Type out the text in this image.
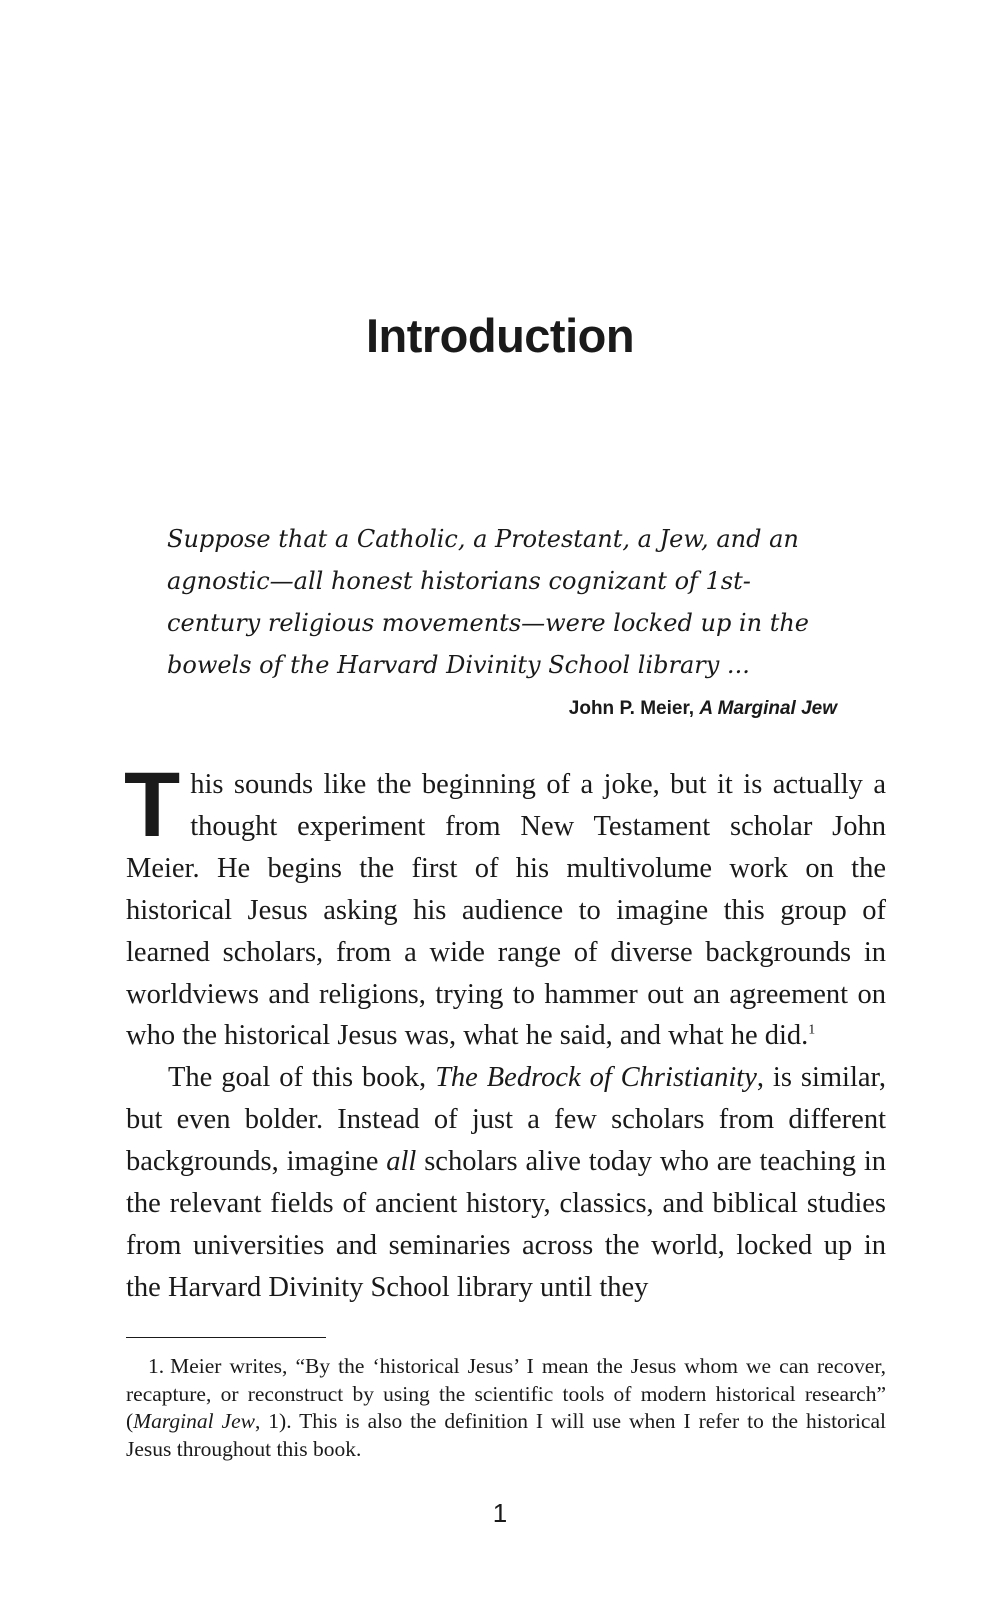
Introduction

Suppose that a Catholic, a Protestant, a Jew, and an agnostic—all honest historians cognizant of 1st-century religious movements—were locked up in the bowels of the Harvard Divinity School library ...

John P. Meier, A Marginal Jew

This sounds like the beginning of a joke, but it is actually a thought experiment from New Testament scholar John Meier. He begins the first of his multivolume work on the historical Jesus asking his audience to imagine this group of learned scholars, from a wide range of diverse backgrounds in worldviews and religions, trying to hammer out an agreement on who the historical Jesus was, what he said, and what he did.$^1$

The goal of this book, The Bedrock of Christianity, is similar, but even bolder. Instead of just a few scholars from different backgrounds, imagine all scholars alive today who are teaching in the relevant fields of ancient history, classics, and biblical studies from universities and seminaries across the world, locked up in the Harvard Divinity School library until they

1. Meier writes, “By the ‘historical Jesus’ I mean the Jesus whom we can recover, recapture, or reconstruct by using the scientific tools of modern historical research” (Marginal Jew, 1). This is also the definition I will use when I refer to the historical Jesus throughout this book.

1
